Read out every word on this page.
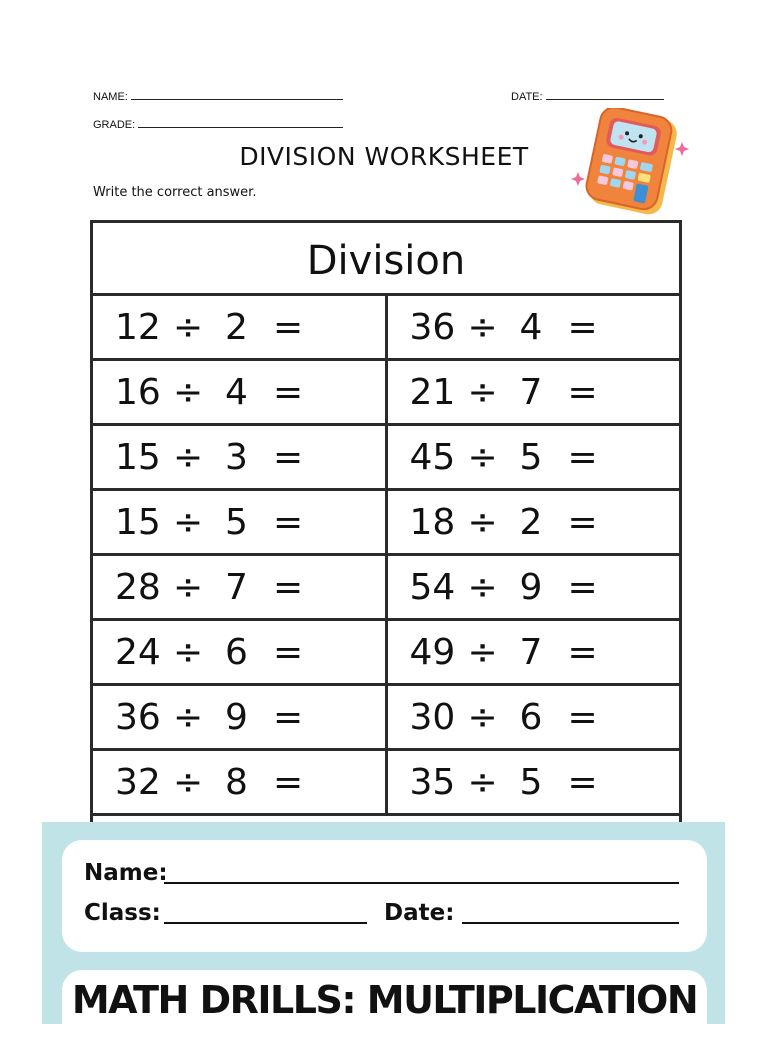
NAME:	DATE:
GRADE:
DIVISION WORKSHEET
Write the correct answer.
Division
12 ÷ 2 =	36 ÷ 4 =
16 ÷ 4 =	21 ÷ 7 =
15 ÷ 3 =	45 ÷ 5 =
15 ÷ 5 =	18 ÷ 2 =
28 ÷ 7 =	54 ÷ 9 =
24 ÷ 6 =	49 ÷ 7 =
36 ÷ 9 =	30 ÷ 6 =
32 ÷ 8 =	35 ÷ 5 =
Name:
Class:	Date:
MATH DRILLS: MULTIPLICATION
